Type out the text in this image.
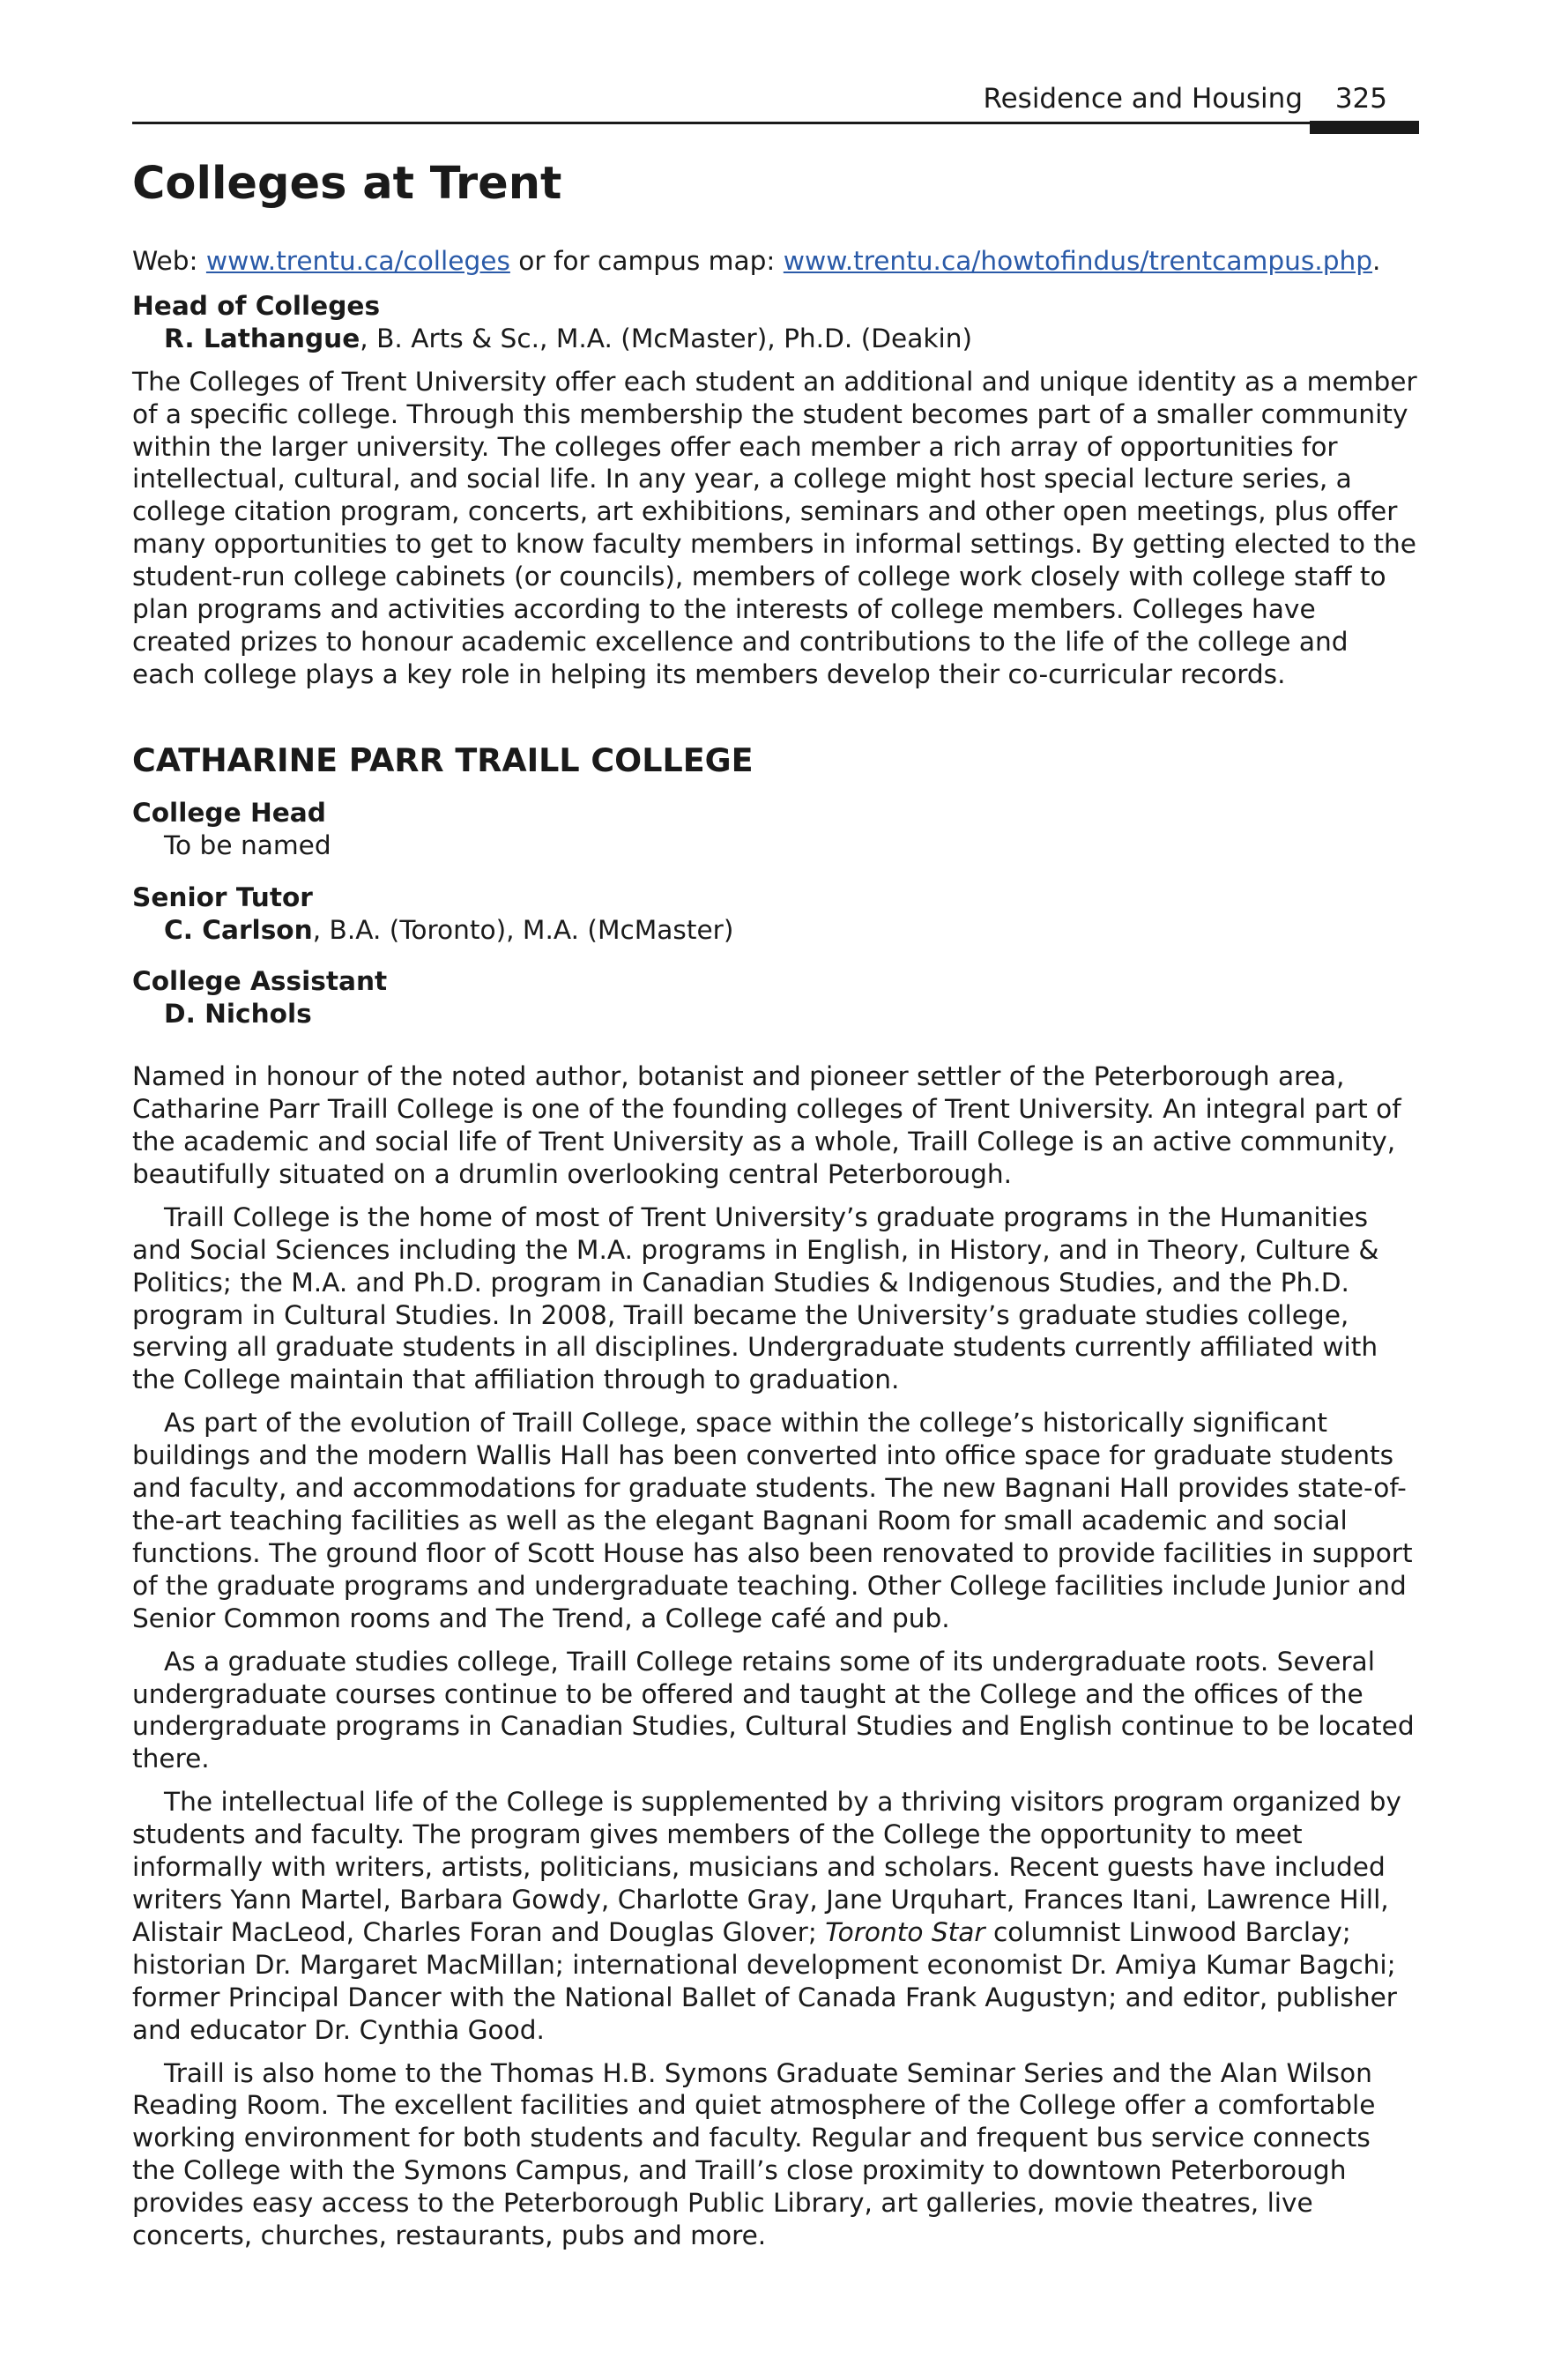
Residence and Housing 325
Colleges at Trent

Web: www.trentu.ca/colleges or for campus map: www.trentu.ca/howtofindus/trentcampus.php.

Head of Colleges

R. Lathangue, B. Arts & Sc., M.A. (McMaster), Ph.D. (Deakin)

The Colleges of Trent University offer each student an additional and unique identity as a member of a specific college. Through this membership the student becomes part of a smaller community within the larger university. The colleges offer each member a rich array of opportunities for intellectual, cultural, and social life. In any year, a college might host special lecture series, a college citation program, concerts, art exhibitions, seminars and other open meetings, plus offer many opportunities to get to know faculty members in informal settings. By getting elected to the student-run college cabinets (or councils), members of college work closely with college staff to plan programs and activities according to the interests of college members. Colleges have created prizes to honour academic excellence and contributions to the life of the college and each college plays a key role in helping its members develop their co-curricular records.

CATHARINE PARR TRAILL COLLEGE

College Head

To be named

Senior Tutor

C. Carlson, B.A. (Toronto), M.A. (McMaster)

College Assistant

D. Nichols

Named in honour of the noted author, botanist and pioneer settler of the Peterborough area, Catharine Parr Traill College is one of the founding colleges of Trent University. An integral part of the academic and social life of Trent University as a whole, Traill College is an active community, beautifully situated on a drumlin overlooking central Peterborough.

Traill College is the home of most of Trent University’s graduate programs in the Humanities and Social Sciences including the M.A. programs in English, in History, and in Theory, Culture & Politics; the M.A. and Ph.D. program in Canadian Studies & Indigenous Studies, and the Ph.D. program in Cultural Studies. In 2008, Traill became the University’s graduate studies college, serving all graduate students in all disciplines. Undergraduate students currently affiliated with the College maintain that affiliation through to graduation.

As part of the evolution of Traill College, space within the college’s historically significant buildings and the modern Wallis Hall has been converted into office space for graduate students and faculty, and accommodations for graduate students. The new Bagnani Hall provides state-of-the-art teaching facilities as well as the elegant Bagnani Room for small academic and social functions. The ground floor of Scott House has also been renovated to provide facilities in support of the graduate programs and undergraduate teaching. Other College facilities include Junior and Senior Common rooms and The Trend, a College café and pub.

As a graduate studies college, Traill College retains some of its undergraduate roots. Several undergraduate courses continue to be offered and taught at the College and the offices of the undergraduate programs in Canadian Studies, Cultural Studies and English continue to be located there.

The intellectual life of the College is supplemented by a thriving visitors program organized by students and faculty. The program gives members of the College the opportunity to meet informally with writers, artists, politicians, musicians and scholars. Recent guests have included writers Yann Martel, Barbara Gowdy, Charlotte Gray, Jane Urquhart, Frances Itani, Lawrence Hill, Alistair MacLeod, Charles Foran and Douglas Glover; Toronto Star columnist Linwood Barclay; historian Dr. Margaret MacMillan; international development economist Dr. Amiya Kumar Bagchi; former Principal Dancer with the National Ballet of Canada Frank Augustyn; and editor, publisher and educator Dr. Cynthia Good.

Traill is also home to the Thomas H.B. Symons Graduate Seminar Series and the Alan Wilson Reading Room. The excellent facilities and quiet atmosphere of the College offer a comfortable working environment for both students and faculty. Regular and frequent bus service connects the College with the Symons Campus, and Traill’s close proximity to downtown Peterborough provides easy access to the Peterborough Public Library, art galleries, movie theatres, live concerts, churches, restaurants, pubs and more.
